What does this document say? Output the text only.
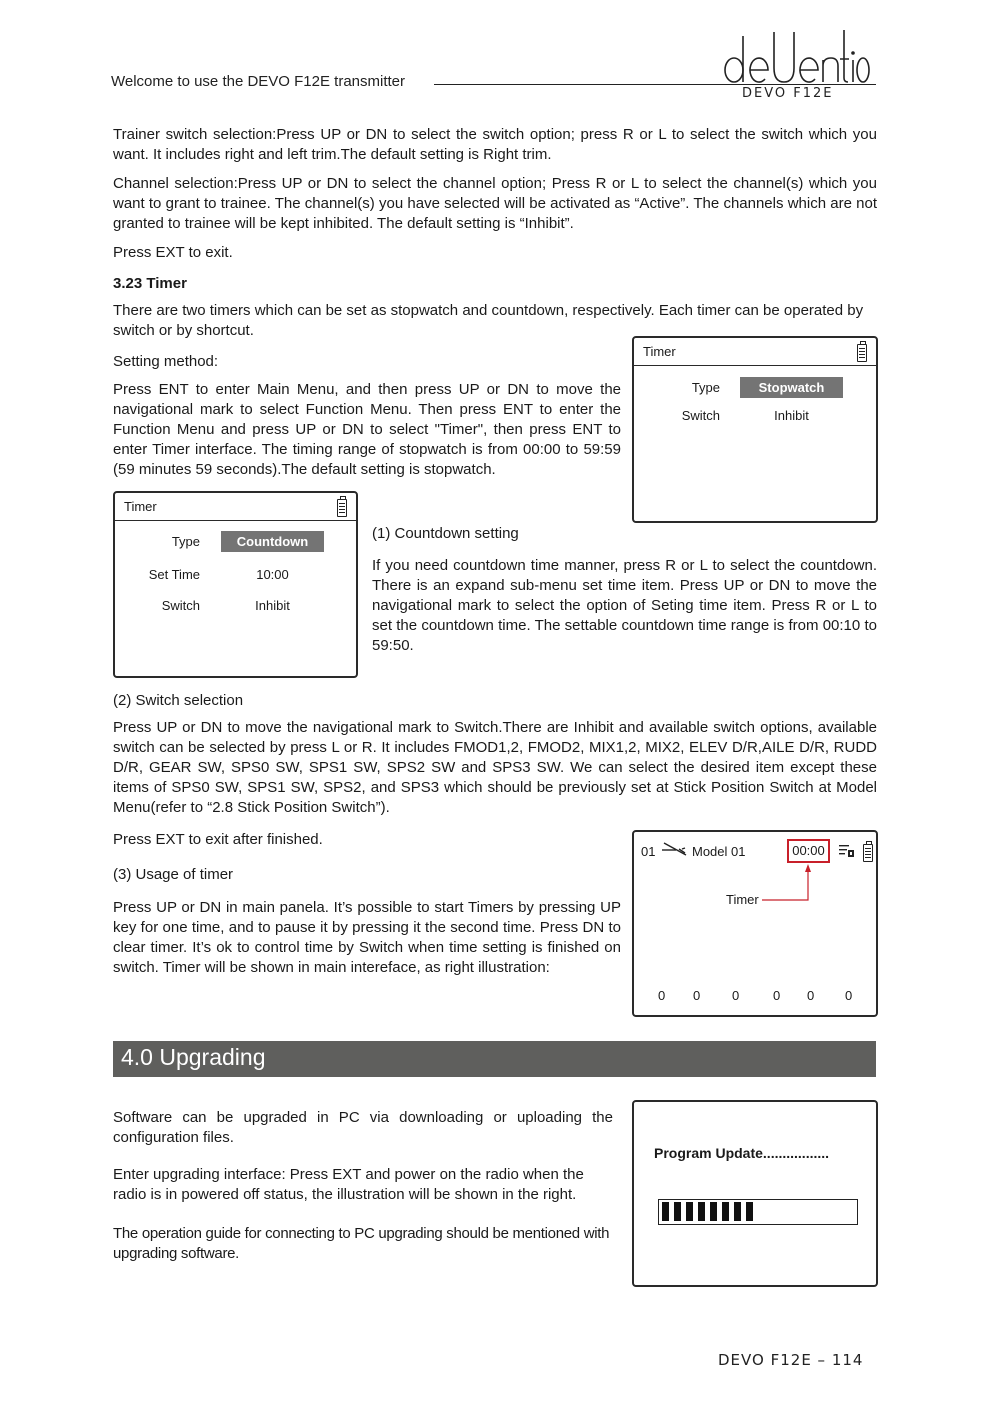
Welcome to use the DEVO F12E transmitter
DEVO F12E
Trainer switch selection:Press UP or DN to select the switch option; press R or L to select the switch which you want. It includes right and left trim.The default setting is Right trim.
Channel selection:Press UP or DN to select the channel option; Press R or L to select the channel(s) which you want to grant to trainee. The channel(s) you have selected will be activated as “Active”. The channels which are not granted to trainee will be kept inhibited. The default setting is “Inhibit”.
Press EXT to exit.
3.23 Timer
There are two timers which can be set as stopwatch and countdown, respectively. Each timer can be operated by switch or by shortcut.
Setting method:
Press ENT to enter Main Menu, and then press UP or DN to move the navigational mark to select Function Menu. Then press ENT to enter the Function Menu and press UP or DN to select "Timer", then press ENT to enter Timer interface. The timing range of stopwatch is from 00:00 to 59:59 (59 minutes 59 seconds).The default setting is stopwatch.
Timer
Type	Stopwatch
Switch	Inhibit
Timer
Type	Countdown
Set Time	10:00
Switch	Inhibit
(1) Countdown setting
If you need countdown time manner, press R or L to select the countdown. There is an expand sub-menu set time item. Press UP or DN to move the navigational mark to select the option of Seting time item. Press R or L to set the countdown time. The settable countdown time range is from 00:10 to 59:50.
(2) Switch selection
Press UP or DN to move the navigational mark to Switch.There are Inhibit and available switch options, available switch can be selected by press L or R. It includes FMOD1,2, FMOD2, MIX1,2, MIX2, ELEV D/R,AILE D/R, RUDD D/R, GEAR SW, SPS0 SW, SPS1 SW, SPS2 SW and SPS3 SW. We can select the desired item except these items of SPS0 SW, SPS1 SW, SPS2, and SPS3 which should be previously set at Stick Position Switch at Model Menu(refer to “2.8 Stick Position Switch”).
Press EXT to exit after finished.
(3) Usage of timer
Press UP or DN in main panela. It’s possible to start Timers by pressing UP key for one time, and to pause it by pressing it the second time. Press DN to clear timer. It’s ok to control time by Switch when time setting is finished on switch. Timer will be shown in main intereface, as right illustration:
01	Model 01	00:00
Timer
0 0 0	0 0 0
4.0 Upgrading
Software can be upgraded in PC via downloading or uploading the configuration files.
Enter upgrading interface: Press EXT and power on the radio when the radio is in powered off status, the illustration will be shown in the right.
The operation guide for connecting to PC upgrading should be mentioned with upgrading software.
Program Update.................
DEVO F12E – 114
